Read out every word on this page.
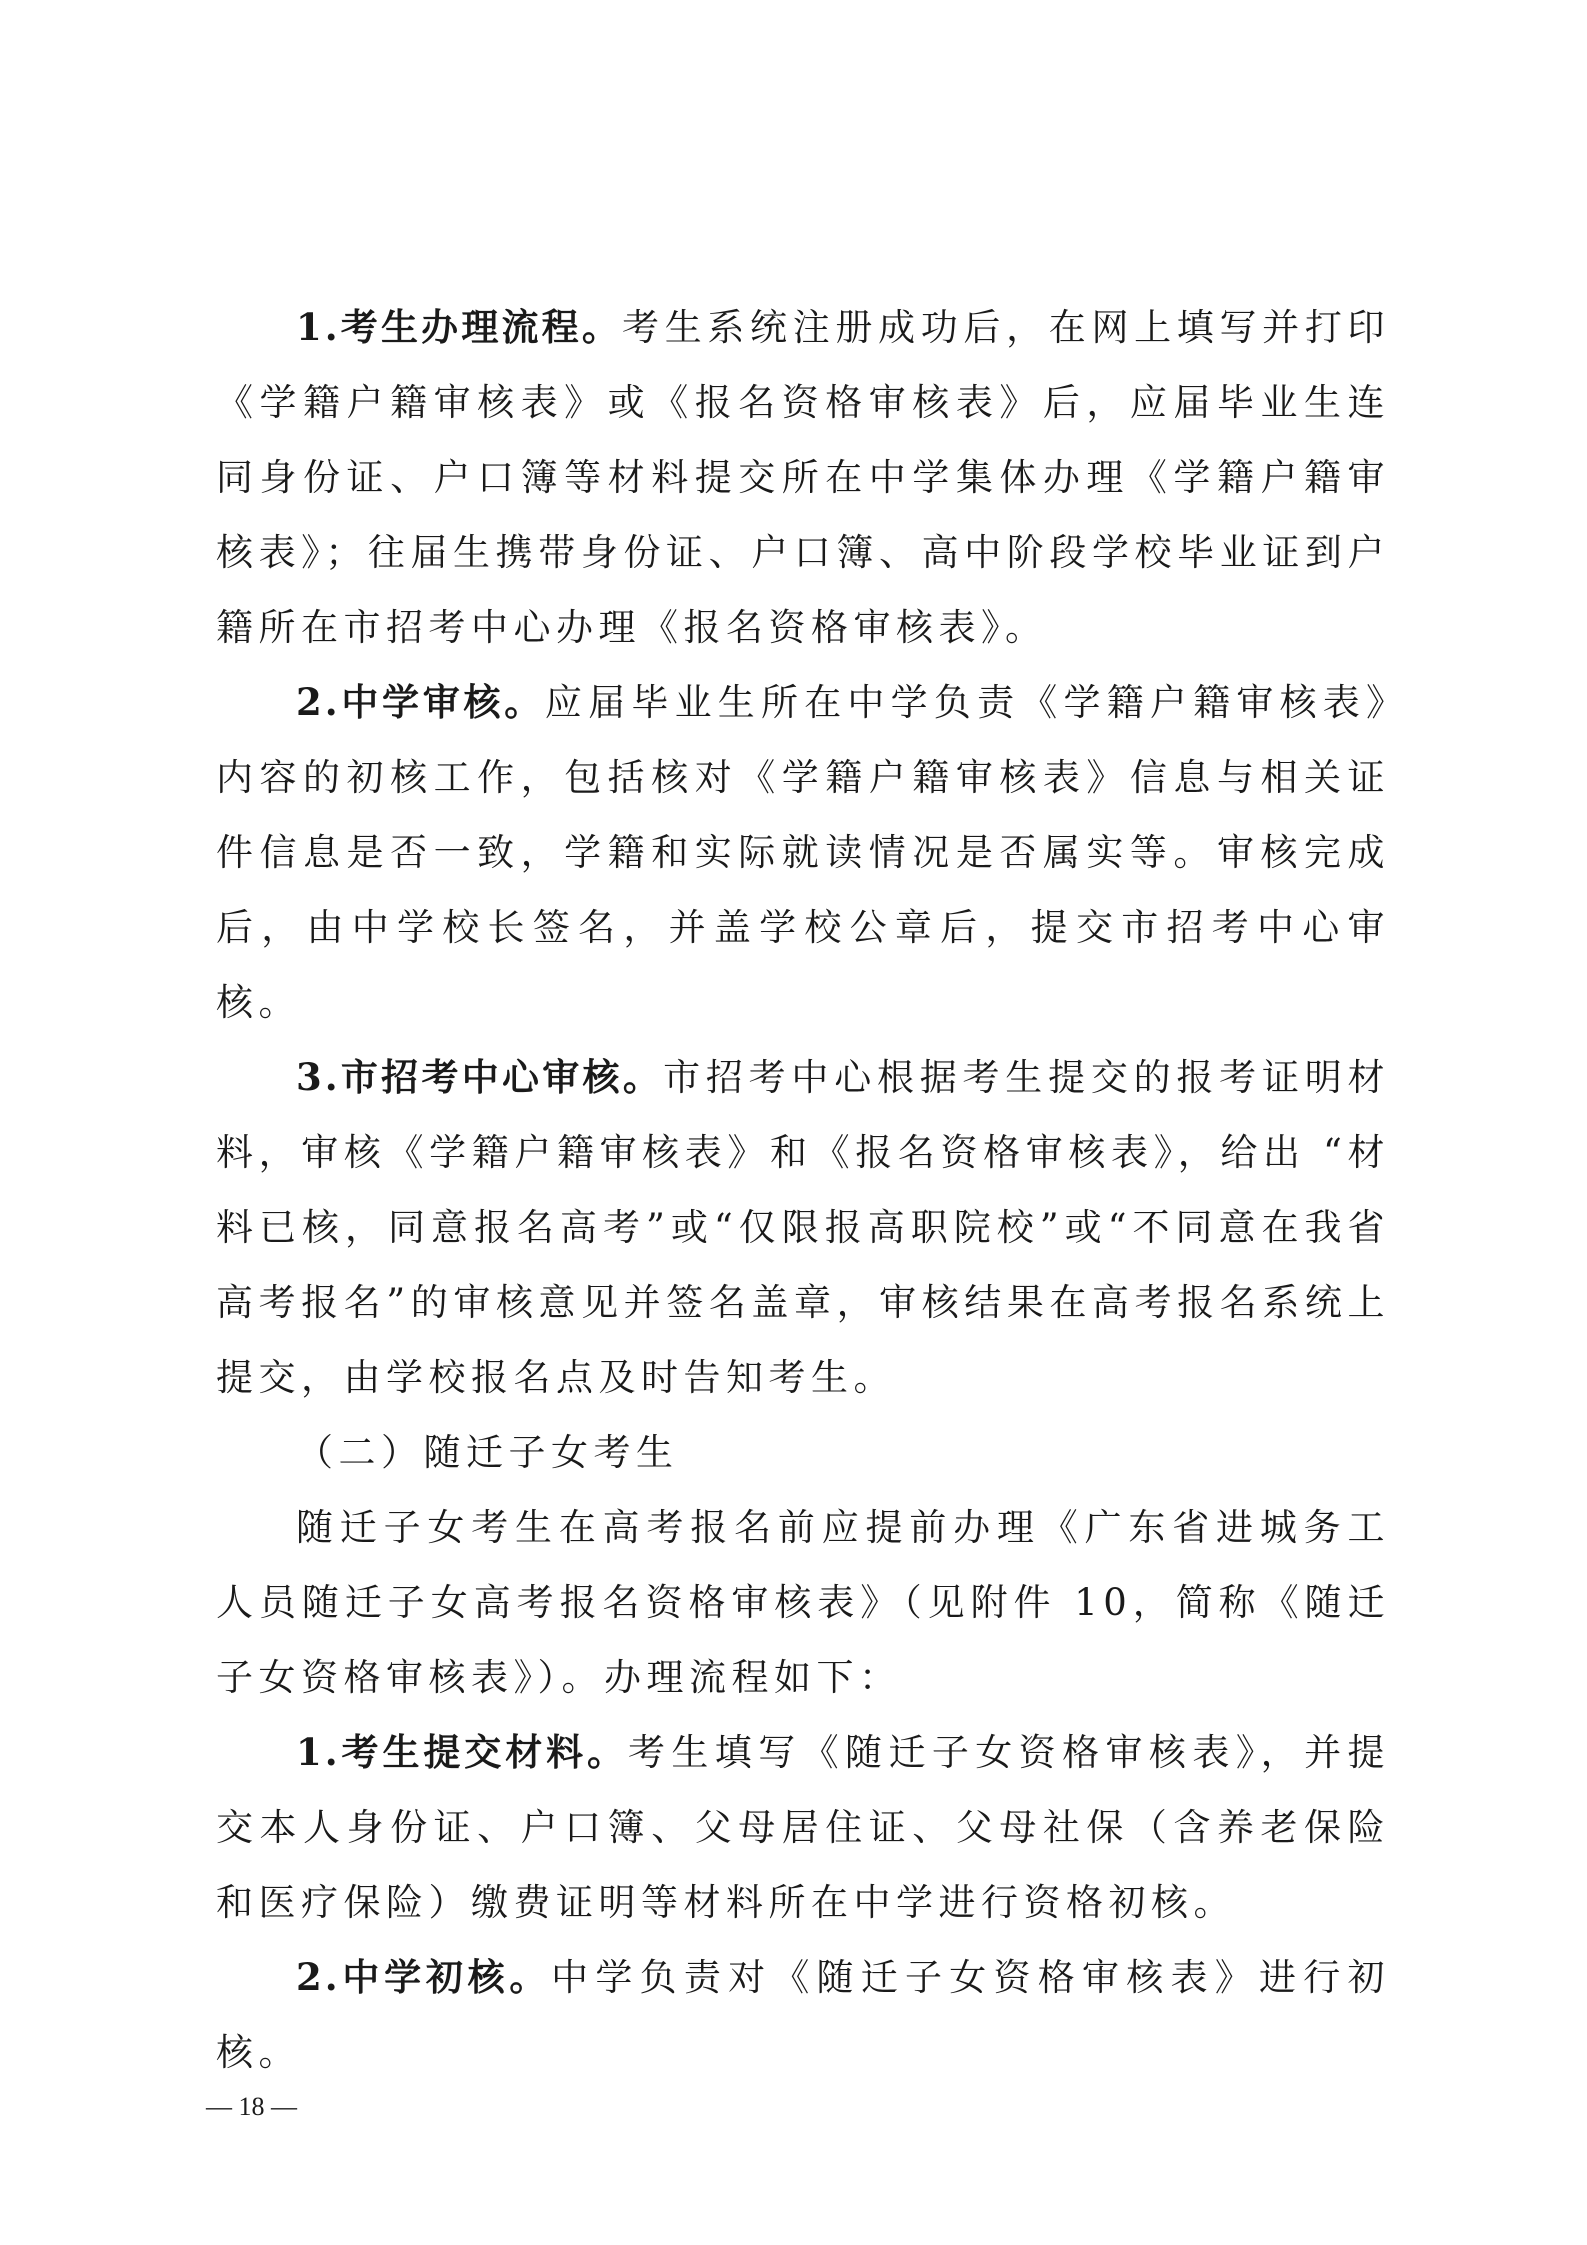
1.考生办理流程。考生系统注册成功后，在网上填写并打印《学籍户籍审核表》或《报名资格审核表》后，应届毕业生连同身份证、户口簿等材料提交所在中学集体办理《学籍户籍审核表》；往届生携带身份证、户口簿、高中阶段学校毕业证到户籍所在市招考中心办理《报名资格审核表》。

2.中学审核。应届毕业生所在中学负责《学籍户籍审核表》内容的初核工作，包括核对《学籍户籍审核表》信息与相关证件信息是否一致，学籍和实际就读情况是否属实等。审核完成后，由中学校长签名，并盖学校公章后，提交市招考中心审核。

3.市招考中心审核。市招考中心根据考生提交的报考证明材料，审核《学籍户籍审核表》和《报名资格审核表》，给出 “材料已核，同意报名高考”或“仅限报高职院校”或“不同意在我省高考报名”的审核意见并签名盖章，审核结果在高考报名系统上提交，由学校报名点及时告知考生。

（二）随迁子女考生

随迁子女考生在高考报名前应提前办理《广东省进城务工人员随迁子女高考报名资格审核表》（见附件 10，简称《随迁子女资格审核表》）。办理流程如下：

1.考生提交材料。考生填写《随迁子女资格审核表》，并提交本人身份证、户口簿、父母居住证、父母社保（含养老保险和医疗保险）缴费证明等材料所在中学进行资格初核。

2.中学初核。中学负责对《随迁子女资格审核表》进行初核。

— 18 —
